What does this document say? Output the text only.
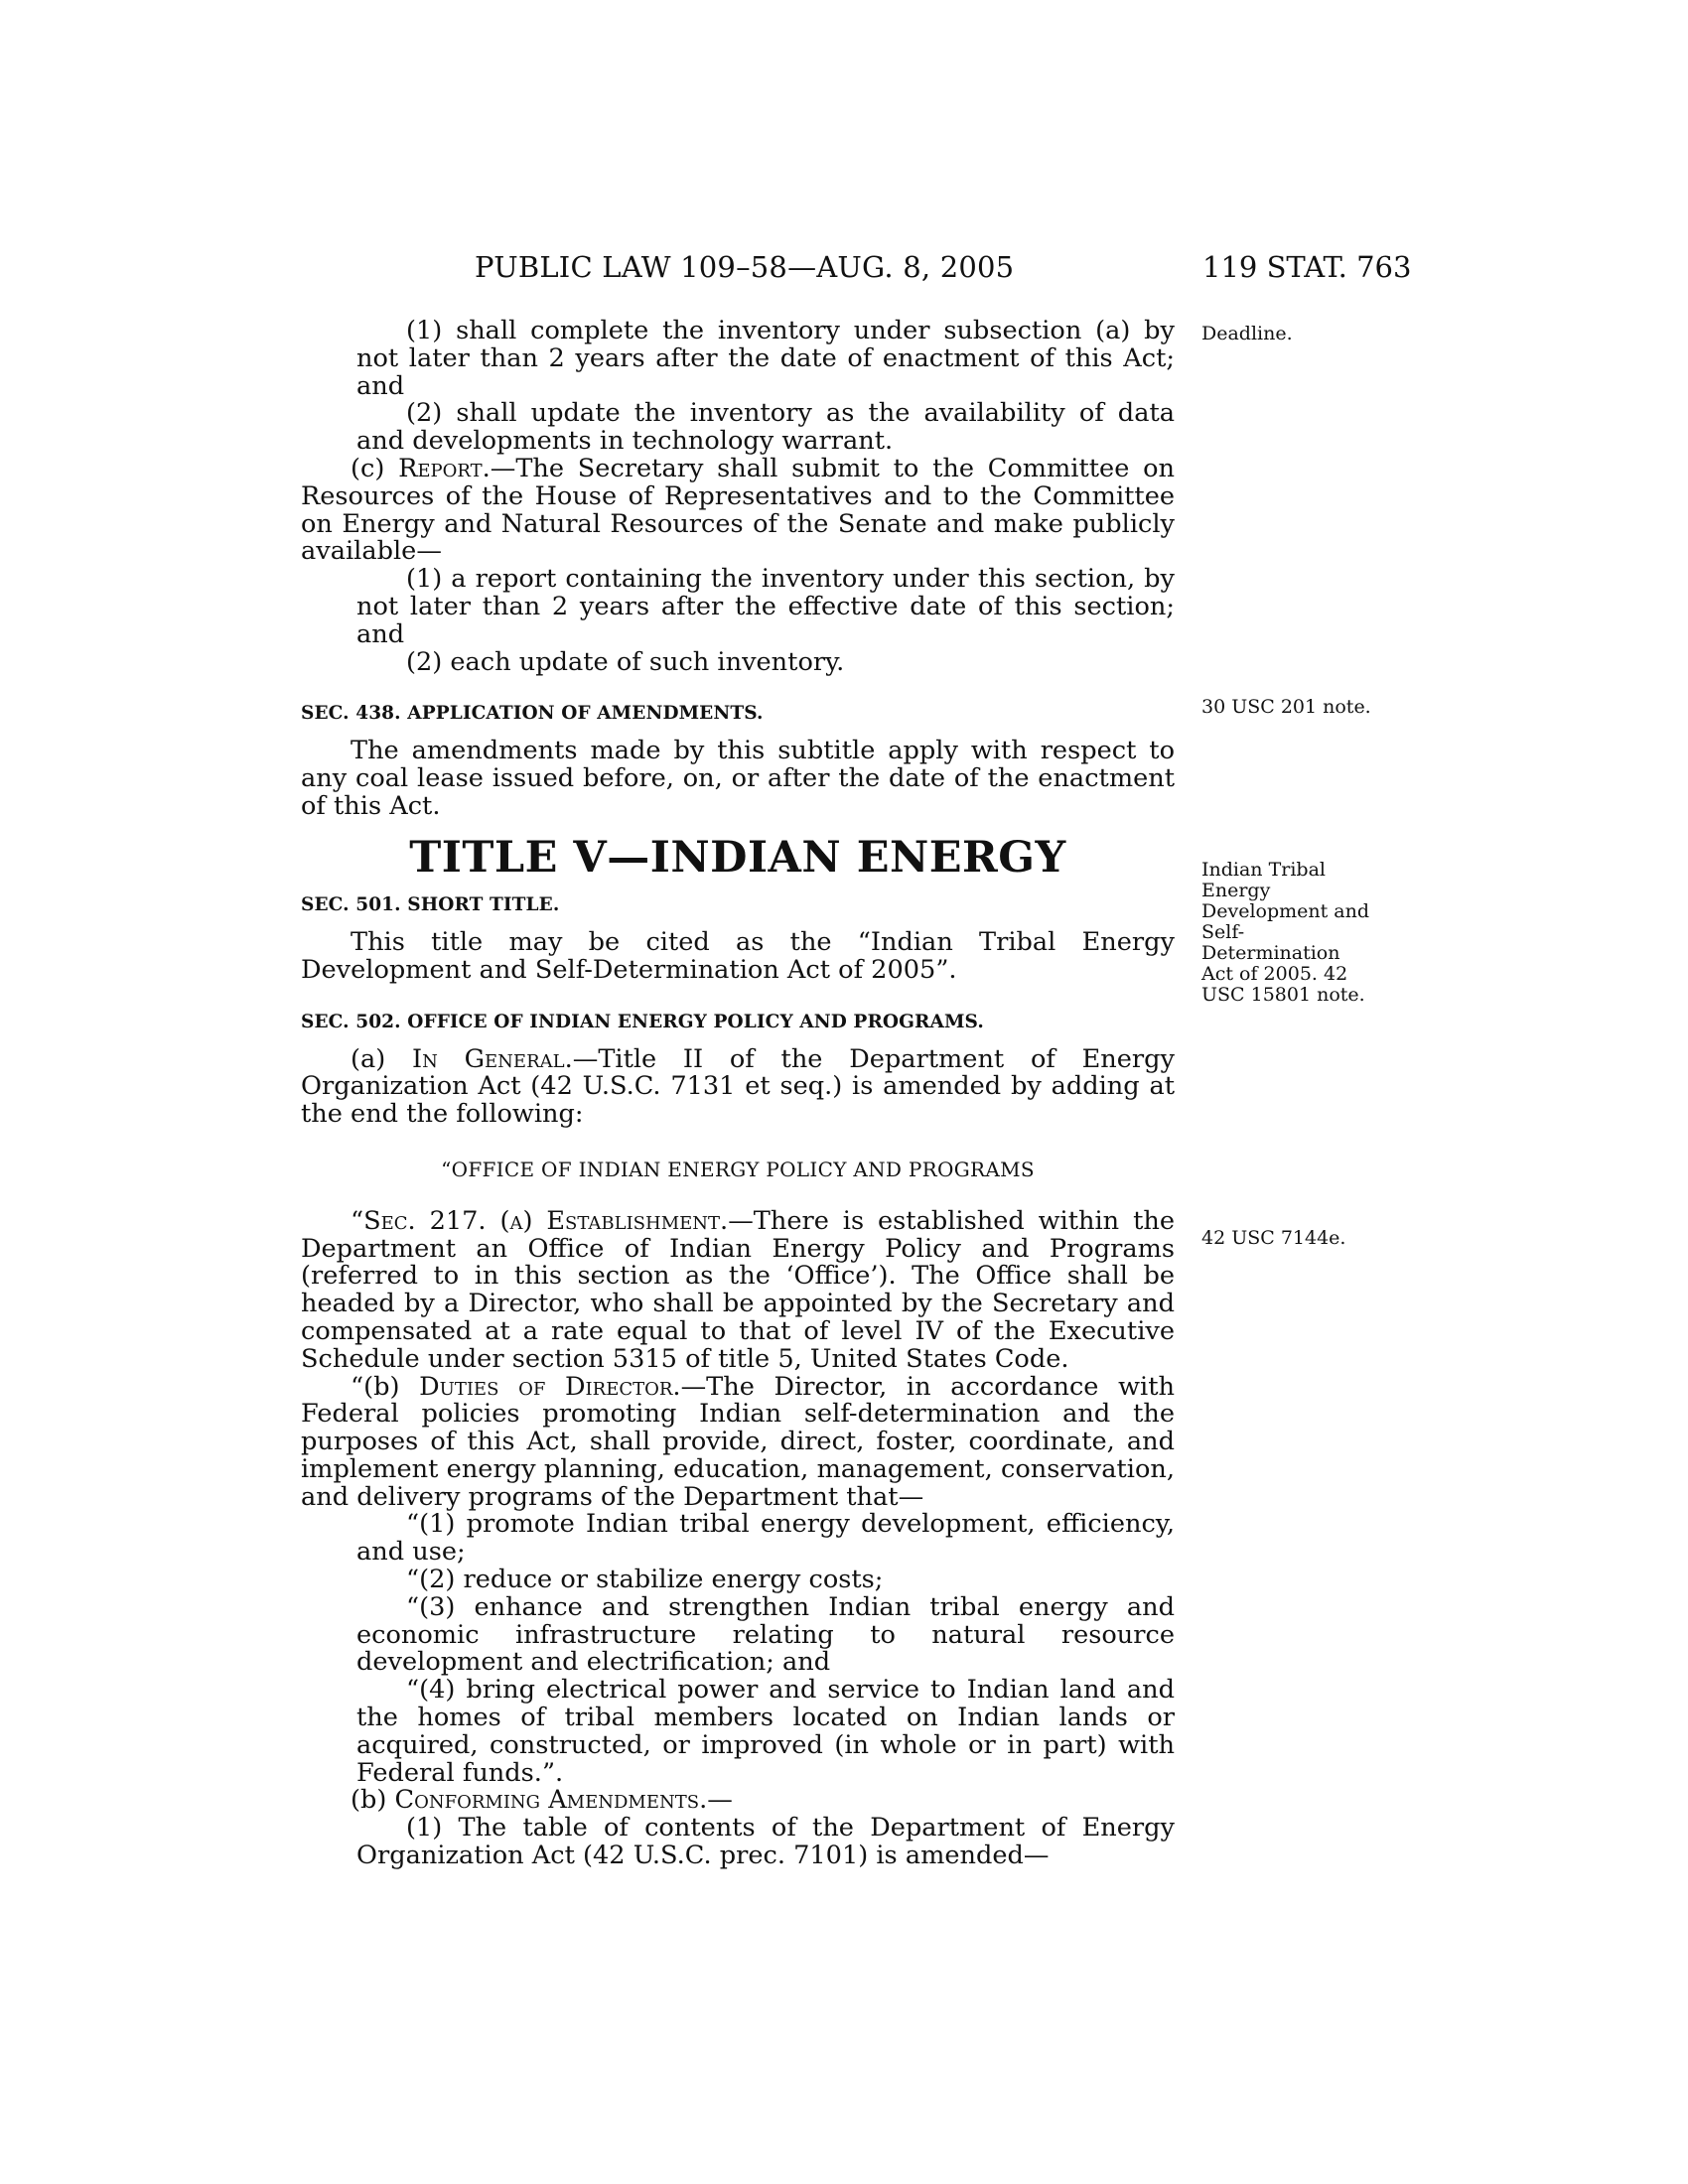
PUBLIC LAW 109–58—AUG. 8, 2005	119 STAT. 763
Deadline.
30 USC 201 note.
Indian Tribal Energy Development and Self-Determination Act of 2005. 42 USC 15801 note.
42 USC 7144e.

(1) shall complete the inventory under subsection (a) by not later than 2 years after the date of enactment of this Act; and

(2) shall update the inventory as the availability of data and developments in technology warrant.

(c) Report.—The Secretary shall submit to the Committee on Resources of the House of Representatives and to the Committee on Energy and Natural Resources of the Senate and make publicly available—

(1) a report containing the inventory under this section, by not later than 2 years after the effective date of this section; and

(2) each update of such inventory.

SEC. 438. APPLICATION OF AMENDMENTS.

The amendments made by this subtitle apply with respect to any coal lease issued before, on, or after the date of the enactment of this Act.

TITLE V—INDIAN ENERGY
SEC. 501. SHORT TITLE.

This title may be cited as the “Indian Tribal Energy Development and Self-Determination Act of 2005”.

SEC. 502. OFFICE OF INDIAN ENERGY POLICY AND PROGRAMS.

(a) In General.—Title II of the Department of Energy Organization Act (42 U.S.C. 7131 et seq.) is amended by adding at the end the following:

“OFFICE OF INDIAN ENERGY POLICY AND PROGRAMS

“Sec. 217. (a) Establishment.—There is established within the Department an Office of Indian Energy Policy and Programs (referred to in this section as the ‘Office’). The Office shall be headed by a Director, who shall be appointed by the Secretary and compensated at a rate equal to that of level IV of the Executive Schedule under section 5315 of title 5, United States Code.

“(b) Duties of Director.—The Director, in accordance with Federal policies promoting Indian self-determination and the purposes of this Act, shall provide, direct, foster, coordinate, and implement energy planning, education, management, conservation, and delivery programs of the Department that—

“(1) promote Indian tribal energy development, efficiency, and use;

“(2) reduce or stabilize energy costs;

“(3) enhance and strengthen Indian tribal energy and economic infrastructure relating to natural resource development and electrification; and

“(4) bring electrical power and service to Indian land and the homes of tribal members located on Indian lands or acquired, constructed, or improved (in whole or in part) with Federal funds.”.

(b) Conforming Amendments.—

(1) The table of contents of the Department of Energy Organization Act (42 U.S.C. prec. 7101) is amended—
